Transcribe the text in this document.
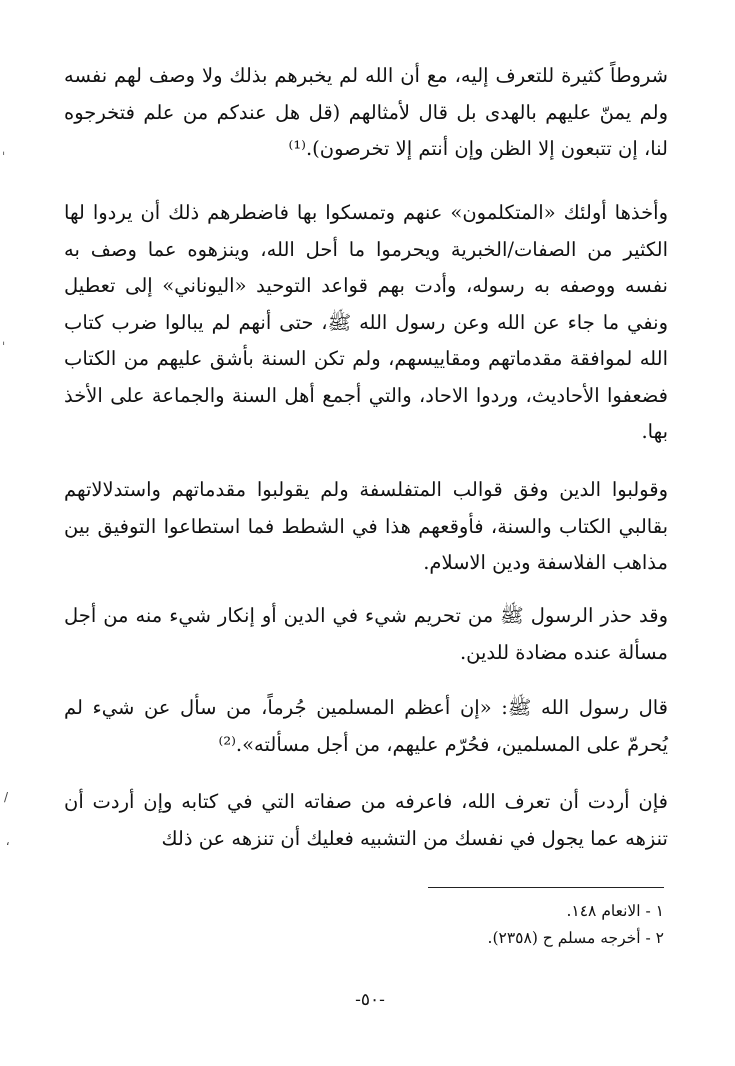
شروطاً كثيرة للتعرف إليه، مع أن الله لم يخبرهم بذلك ولا وصف لهم نفسه ولم يمنّ عليهم بالهدى بل قال لأمثالهم (قل هل عندكم من علم فتخرجوه لنا، إن تتبعون إلا الظن وإن أنتم إلا تخرصون).⁽¹⁾

وأخذها أولئك «المتكلمون» عنهم وتمسكوا بها فاضطرهم ذلك أن يردوا لها الكثير من الصفات/الخبرية ويحرموا ما أحل الله، وينزهوه عما وصف به نفسه ووصفه به رسوله، وأدت بهم قواعد التوحيد «اليوناني» إلى تعطيل ونفي ما جاء عن الله وعن رسول الله ﷺ، حتى أنهم لم يبالوا ضرب كتاب الله لموافقة مقدماتهم ومقاييسهم، ولم تكن السنة بأشق عليهم من الكتاب فضعفوا الأحاديث، وردوا الاحاد، والتي أجمع أهل السنة والجماعة على الأخذ بها.

وقولبوا الدين وفق قوالب المتفلسفة ولم يقولبوا مقدماتهم واستدلالاتهم بقالبي الكتاب والسنة، فأوقعهم هذا في الشطط فما استطاعوا التوفيق بين مذاهب الفلاسفة ودين الاسلام.

وقد حذر الرسول ﷺ من تحريم شيء في الدين أو إنكار شيء منه من أجل مسألة عنده مضادة للدين.

قال رسول الله ﷺ: «إن أعظم المسلمين جُرماً، من سأل عن شيء لم يُحرمّ على المسلمين، فحُرّم عليهم، من أجل مسألته».⁽²⁾

فإن أردت أن تعرف الله، فاعرفه من صفاته التي في كتابه وإن أردت أن تنزهه عما يجول في نفسك من التشبيه فعليك أن تنزهه عن ذلك

١ - الانعام ١٤٨.

٢ - أخرجه مسلم ح (٢٣٥٨).

-٥٠-
ˈ
ˈ
/
ʻ
